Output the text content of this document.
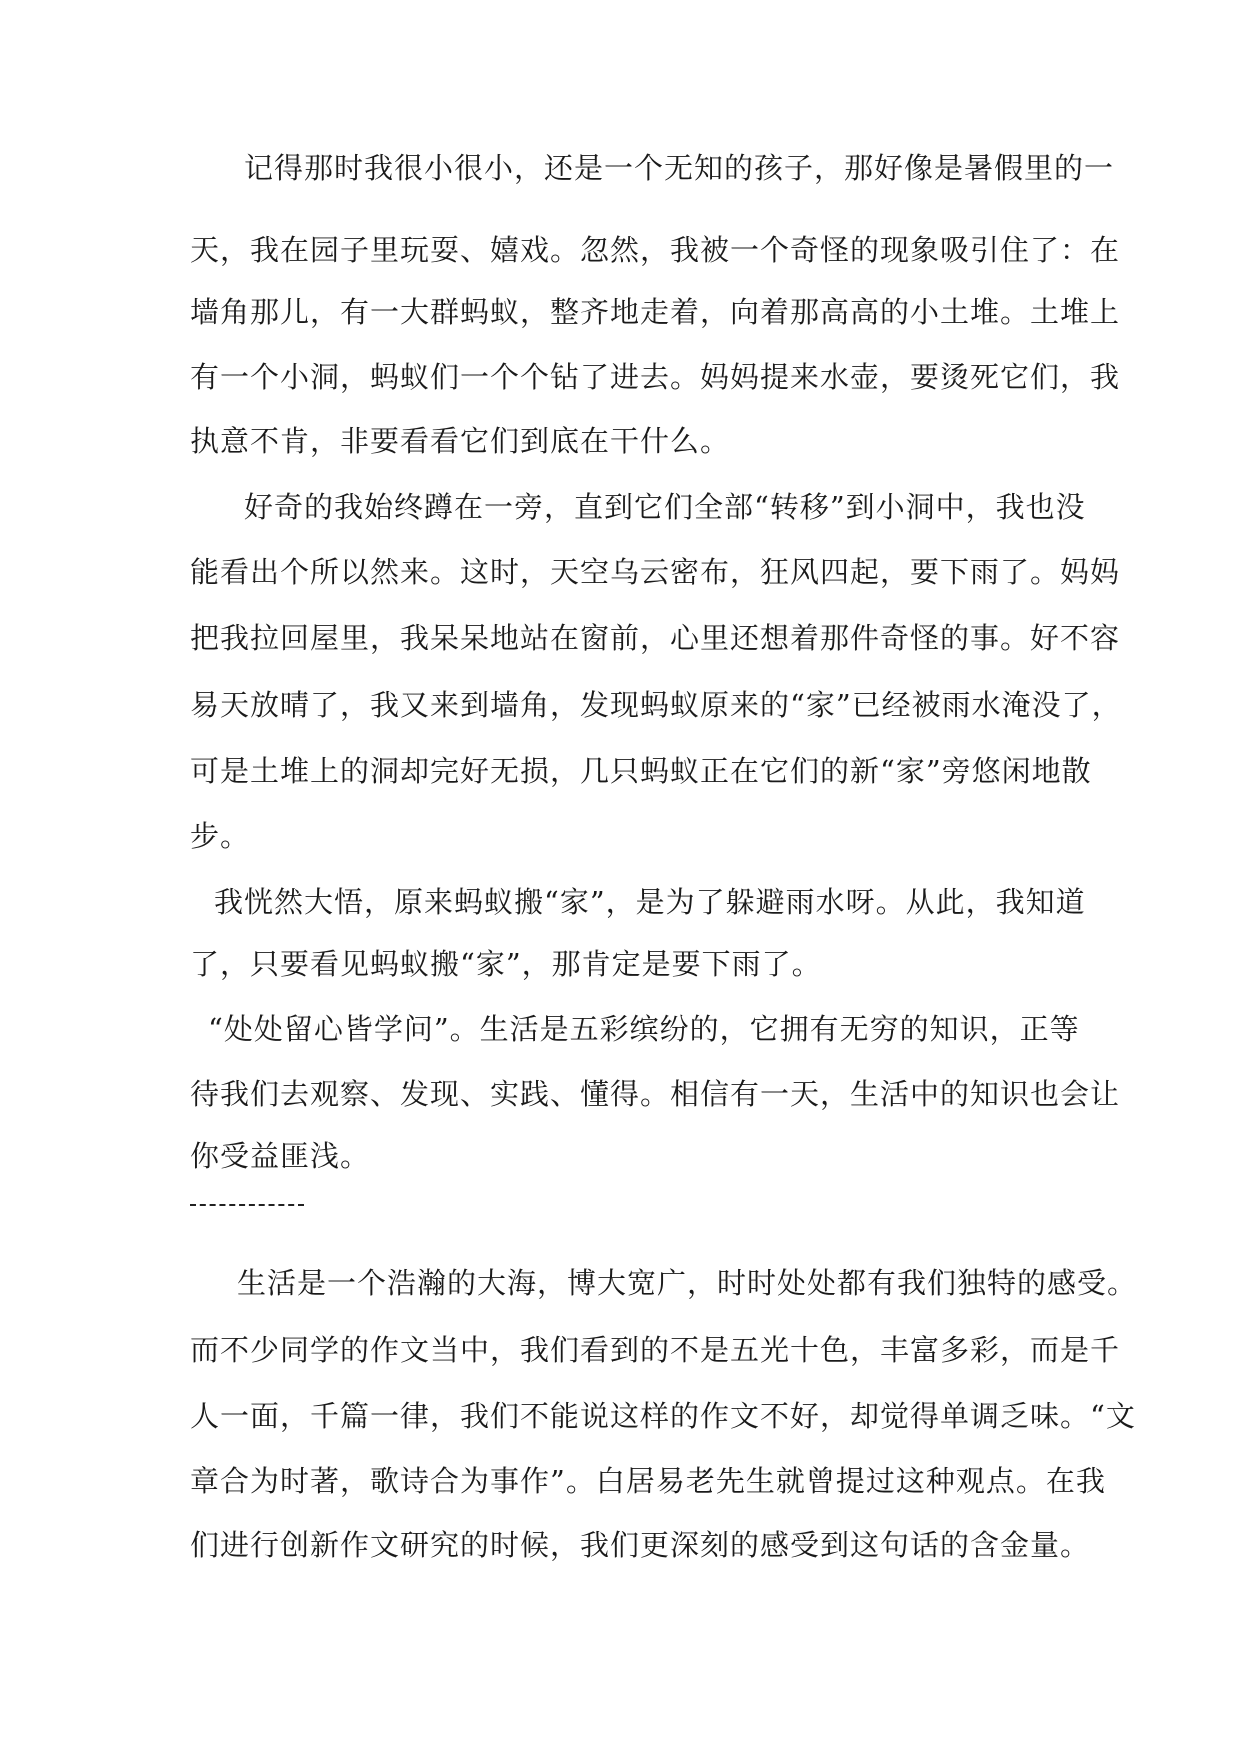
记得那时我很小很小，还是一个无知的孩子，那好像是暑假里的一
天，我在园子里玩耍、嬉戏。忽然，我被一个奇怪的现象吸引住了：在
墙角那儿，有一大群蚂蚁，整齐地走着，向着那高高的小土堆。土堆上
有一个小洞，蚂蚁们一个个钻了进去。妈妈提来水壶，要烫死它们，我
执意不肯，非要看看它们到底在干什么。
好奇的我始终蹲在一旁，直到它们全部“转移”到小洞中，我也没
能看出个所以然来。这时，天空乌云密布，狂风四起，要下雨了。妈妈
把我拉回屋里，我呆呆地站在窗前，心里还想着那件奇怪的事。好不容
易天放晴了，我又来到墙角，发现蚂蚁原来的“家”已经被雨水淹没了，
可是土堆上的洞却完好无损，几只蚂蚁正在它们的新“家”旁悠闲地散
步。
我恍然大悟，原来蚂蚁搬“家”，是为了躲避雨水呀。从此，我知道
了，只要看见蚂蚁搬“家”，那肯定是要下雨了。
“处处留心皆学问”。生活是五彩缤纷的，它拥有无穷的知识，正等
待我们去观察、发现、实践、懂得。相信有一天，生活中的知识也会让
你受益匪浅。
生活是一个浩瀚的大海，博大宽广，时时处处都有我们独特的感受。
而不少同学的作文当中，我们看到的不是五光十色，丰富多彩，而是千
人一面，千篇一律，我们不能说这样的作文不好，却觉得单调乏味。“文
章合为时著，歌诗合为事作”。白居易老先生就曾提过这种观点。在我
们进行创新作文研究的时候，我们更深刻的感受到这句话的含金量。
